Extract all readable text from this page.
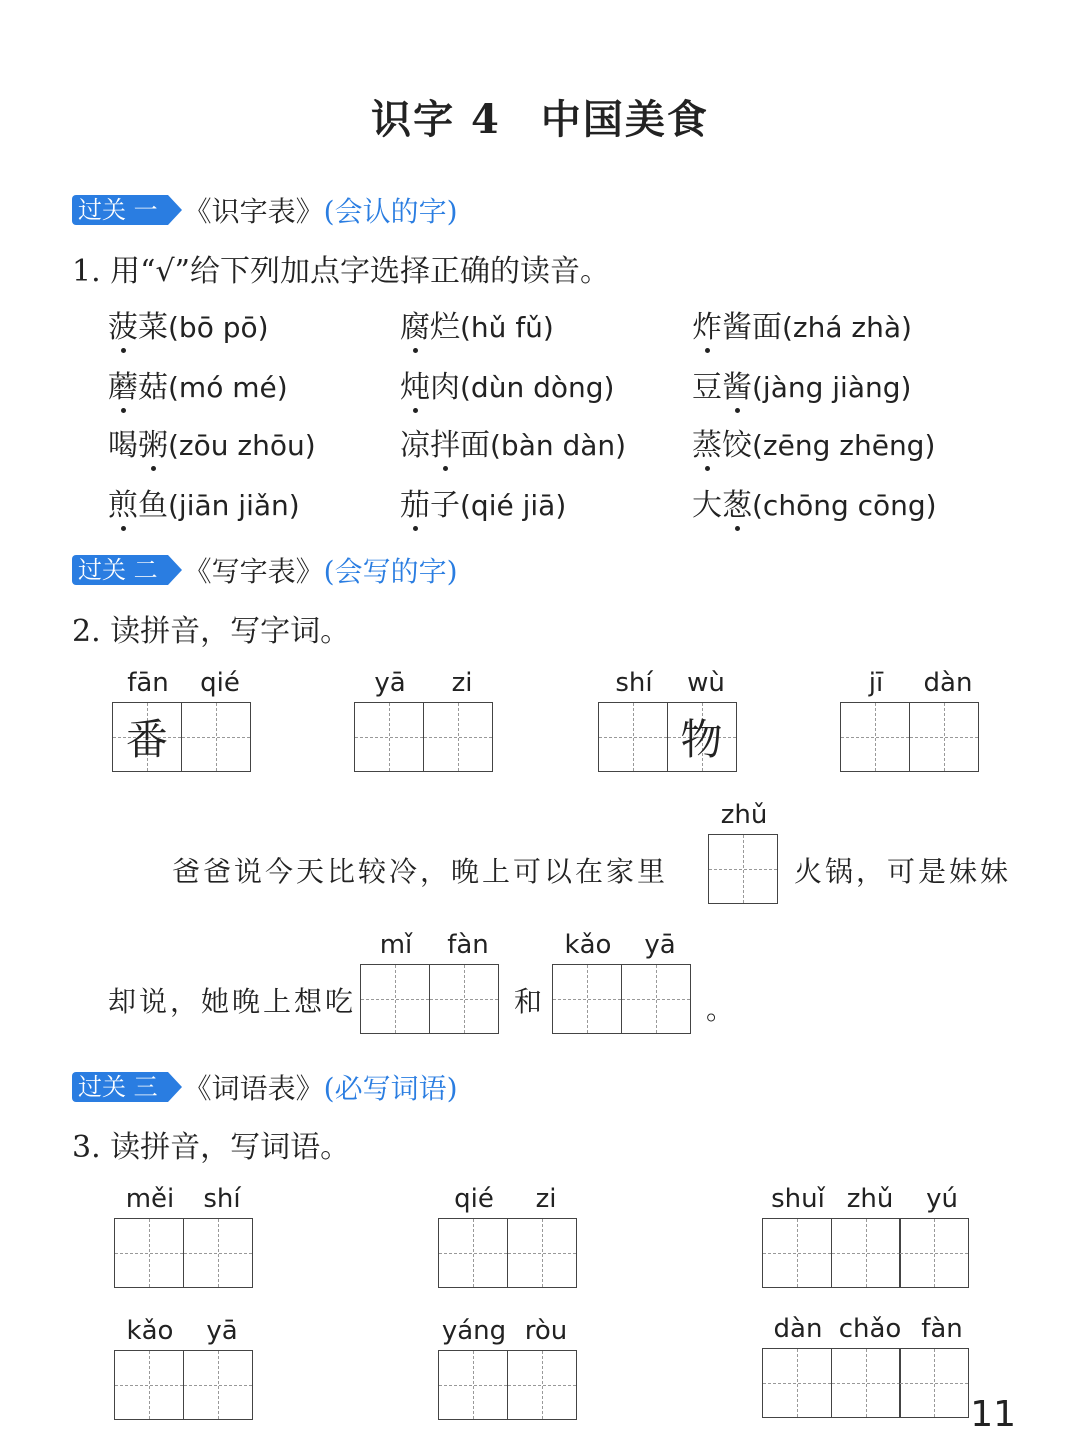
识字 4 中国美食
过关 一 《识字表》(会认的字)
1. 用“√”给下列加点字选择正确的读音。
菠菜(bō pō)	腐烂(hǔ fǔ)	炸酱面(zhá zhà)
蘑菇(mó mé)	炖肉(dùn dòng)	豆酱(jàng jiàng)
喝粥(zōu zhōu)	凉拌面(bàn dàn) 蒸饺(zēng zhēng)
煎鱼(jiān jiǎn)	茄子(qié jiā)	大葱(chōng cōng)
过关 二 《写字表》(会写的字)
2. 读拼音，写字词。
fān qié
番
yā zi	shí wù
物
jī dàn
爸爸说今天比较冷，晚上可以在家里
zhǔ
火锅，可是妹妹
却说，她晚上想吃
mǐ fàn
和
kǎo yā
。
过关 三 《词语表》(必写词语)
3. 读拼音，写词语。
měi shí	qié zi	shuǐ zhǔ yú
kǎo yā	yáng ròu	dàn chǎo fàn
11
